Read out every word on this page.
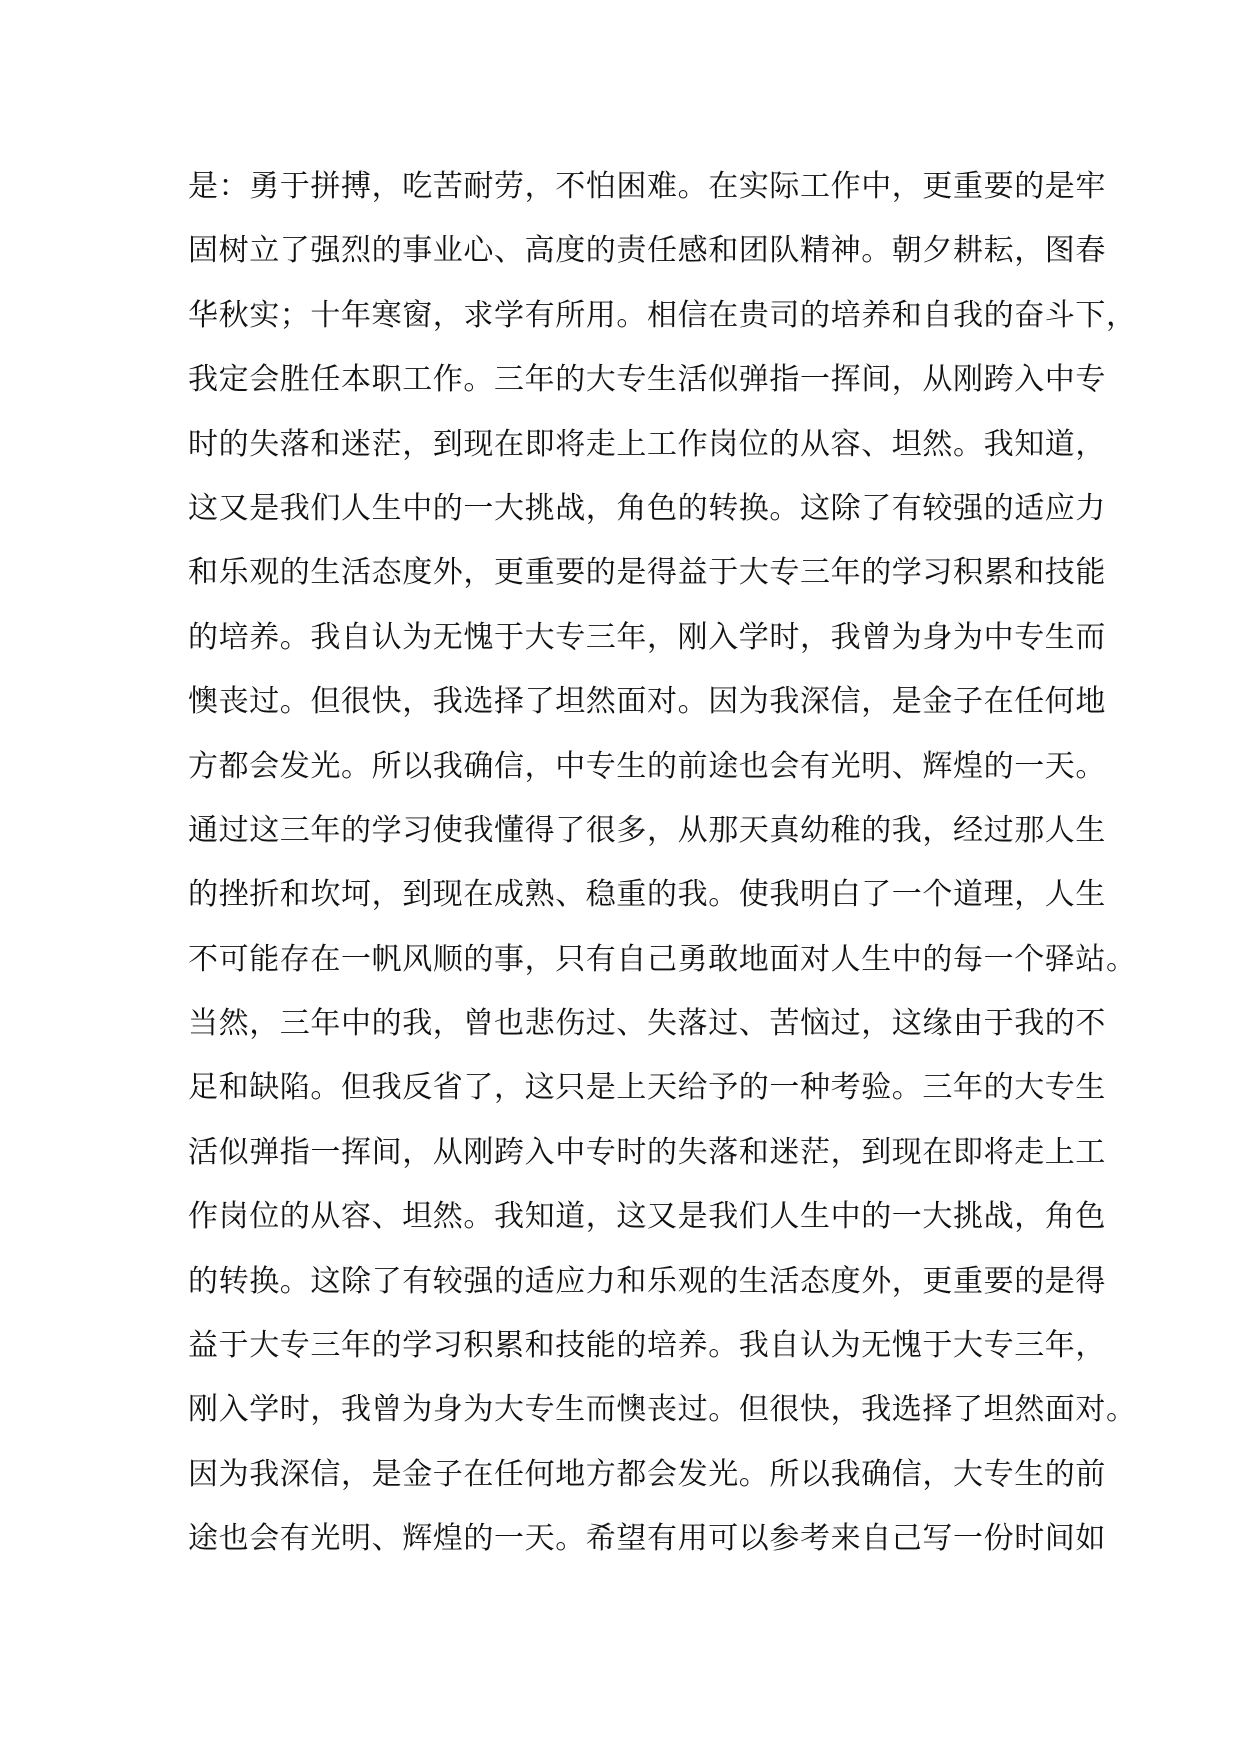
是：勇于拼搏，吃苦耐劳，不怕困难。在实际工作中，更重要的是牢
固树立了强烈的事业心、高度的责任感和团队精神。朝夕耕耘，图春
华秋实；十年寒窗，求学有所用。相信在贵司的培养和自我的奋斗下，
我定会胜任本职工作。三年的大专生活似弹指一挥间，从刚跨入中专
时的失落和迷茫，到现在即将走上工作岗位的从容、坦然。我知道，
这又是我们人生中的一大挑战，角色的转换。这除了有较强的适应力
和乐观的生活态度外，更重要的是得益于大专三年的学习积累和技能
的培养。我自认为无愧于大专三年，刚入学时，我曾为身为中专生而
懊丧过。但很快，我选择了坦然面对。因为我深信，是金子在任何地
方都会发光。所以我确信，中专生的前途也会有光明、辉煌的一天。
通过这三年的学习使我懂得了很多，从那天真幼稚的我，经过那人生
的挫折和坎坷，到现在成熟、稳重的我。使我明白了一个道理，人生
不可能存在一帆风顺的事，只有自己勇敢地面对人生中的每一个驿站。
当然，三年中的我，曾也悲伤过、失落过、苦恼过，这缘由于我的不
足和缺陷。但我反省了，这只是上天给予的一种考验。三年的大专生
活似弹指一挥间，从刚跨入中专时的失落和迷茫，到现在即将走上工
作岗位的从容、坦然。我知道，这又是我们人生中的一大挑战，角色
的转换。这除了有较强的适应力和乐观的生活态度外，更重要的是得
益于大专三年的学习积累和技能的培养。我自认为无愧于大专三年，
刚入学时，我曾为身为大专生而懊丧过。但很快，我选择了坦然面对。
因为我深信，是金子在任何地方都会发光。所以我确信，大专生的前
途也会有光明、辉煌的一天。希望有用可以参考来自己写一份时间如
